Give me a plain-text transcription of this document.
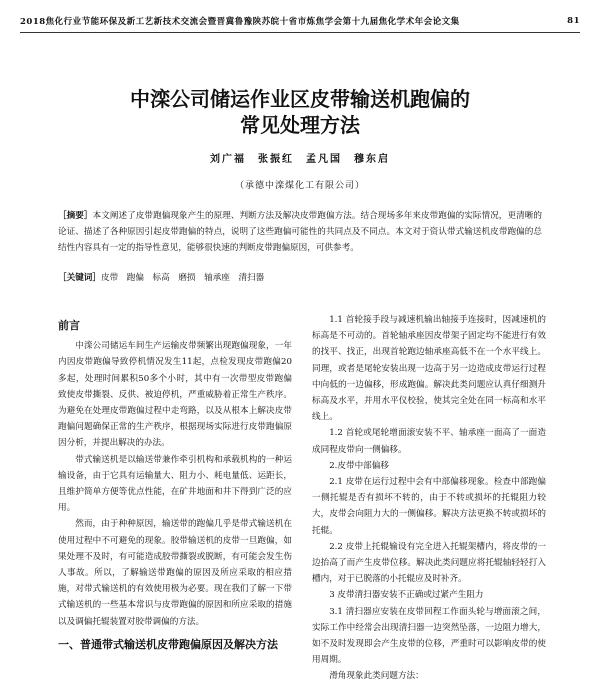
2018焦化行业节能环保及新工艺新技术交流会暨晋冀鲁豫陕苏皖十省市炼焦学会第十九届焦化学术年会论文集	81
中滦公司储运作业区皮带输送机跑偏的
常见处理方法
刘广福　张振红　孟凡国　穆东启
（承德中滦煤化工有限公司）
［摘要］本文阐述了皮带跑偏现象产生的原理、判断方法及解决皮带跑偏方法。结合现场多年来皮带跑偏的实际情况，更清晰的论证、描述了各种原因引起皮带跑偏的特点，说明了这些跑偏可能性的共同点及不同点。本文对于资认带式输送机皮带跑偏的总结性内容具有一定的指导性意见，能够很快速的判断皮带跑偏原因，可供参考。
［关键词］皮带　跑偏　标高　磨损　轴承座　清扫器
前言

中滦公司储运车间生产运输皮带频繁出现跑偏现象，一年内因皮带跑偏导致停机情况发生11起，点检发现皮带跑偏20多起，处理时间累积50多个小时，其中有一次带型皮带跑偏致使皮带撕裂、反供、被迫停机，严重威胁着正常生产秩序。为避免在处理皮带跑偏过程中走弯路，以及从根本上解决皮带跑偏问题确保正常的生产秩序，根据现场实际进行皮带跑偏原因分析，并提出解决的办法。

带式输送机是以输送带兼作牵引机构和承载机构的一种运输设备，由于它具有运输量大、阻力小、耗电量低、运距长，且维护简单方便等优点性能，在矿井地面和井下得到广泛的应用。

然而，由于种种原因，输送带的跑偏几乎是带式输送机在使用过程中不可避免的现象。胶带输送机的皮带一旦跑偏，如果处理不及时，有可能造成胶带撕裂或脱断，有可能会发生伤人事故。所以，了解输送带跑偏的原因及所应采取的相应措施，对带式输送机的有效使用极为必要。现在我们了解一下带式输送机的一些基本常识与皮带跑偏的原因和所应采取的措施以及调偏托辊装置对胶带调偏的方法。

一、普通带式输送机皮带跑偏原因及解决方法

1.1 首轮接手段与减速机输出轴接手连接时，因减速机的标高是不可动的。首轮轴承座因皮带架子固定均不能进行有效的找平、找正，出现首轮跑边轴承座高低不在一个水平线上。同理，或者是尾轮安装出现一边高于另一边造成皮带运行过程中向低的一边偏移，形成跑偏。解决此类问题应认真仔细测升标高及水平，并用水平仪校验，使其完全处在同一标高和水平线上。

1.2 首轮或尾轮增面滚安装不平、轴承座一面高了一面造成同程皮带向一侧偏移。

2.皮带中部偏移

2.1 皮带在运行过程中会有中部偏移现象。检查中部跑偏一侧托辊是否有损坏不转的，由于不转或损坏的托辊阻力较大，皮带会向阻力大的一侧偏移。解决方法更换不转或损坏的托辊。

2.2 皮带上托辊输设有完全进入托辊架槽内，将皮带的一边抬高了而产生皮带位移。解决此类问题应将托辊轴轻轻打入槽内，对于已脱落的小托辊应及时补齐。

3 皮带清扫器安装不正确或过紧产生阻力

3.1 清扫器应安装在皮带回程工作面头轮与增面滚之间，实际工作中经常会出现清扫器一边突然坠落，一边阻力增大，如不及时发现即会产生皮带的位移，严重时可以影响皮带的使用周期。

滑角现象此类问题方法：
